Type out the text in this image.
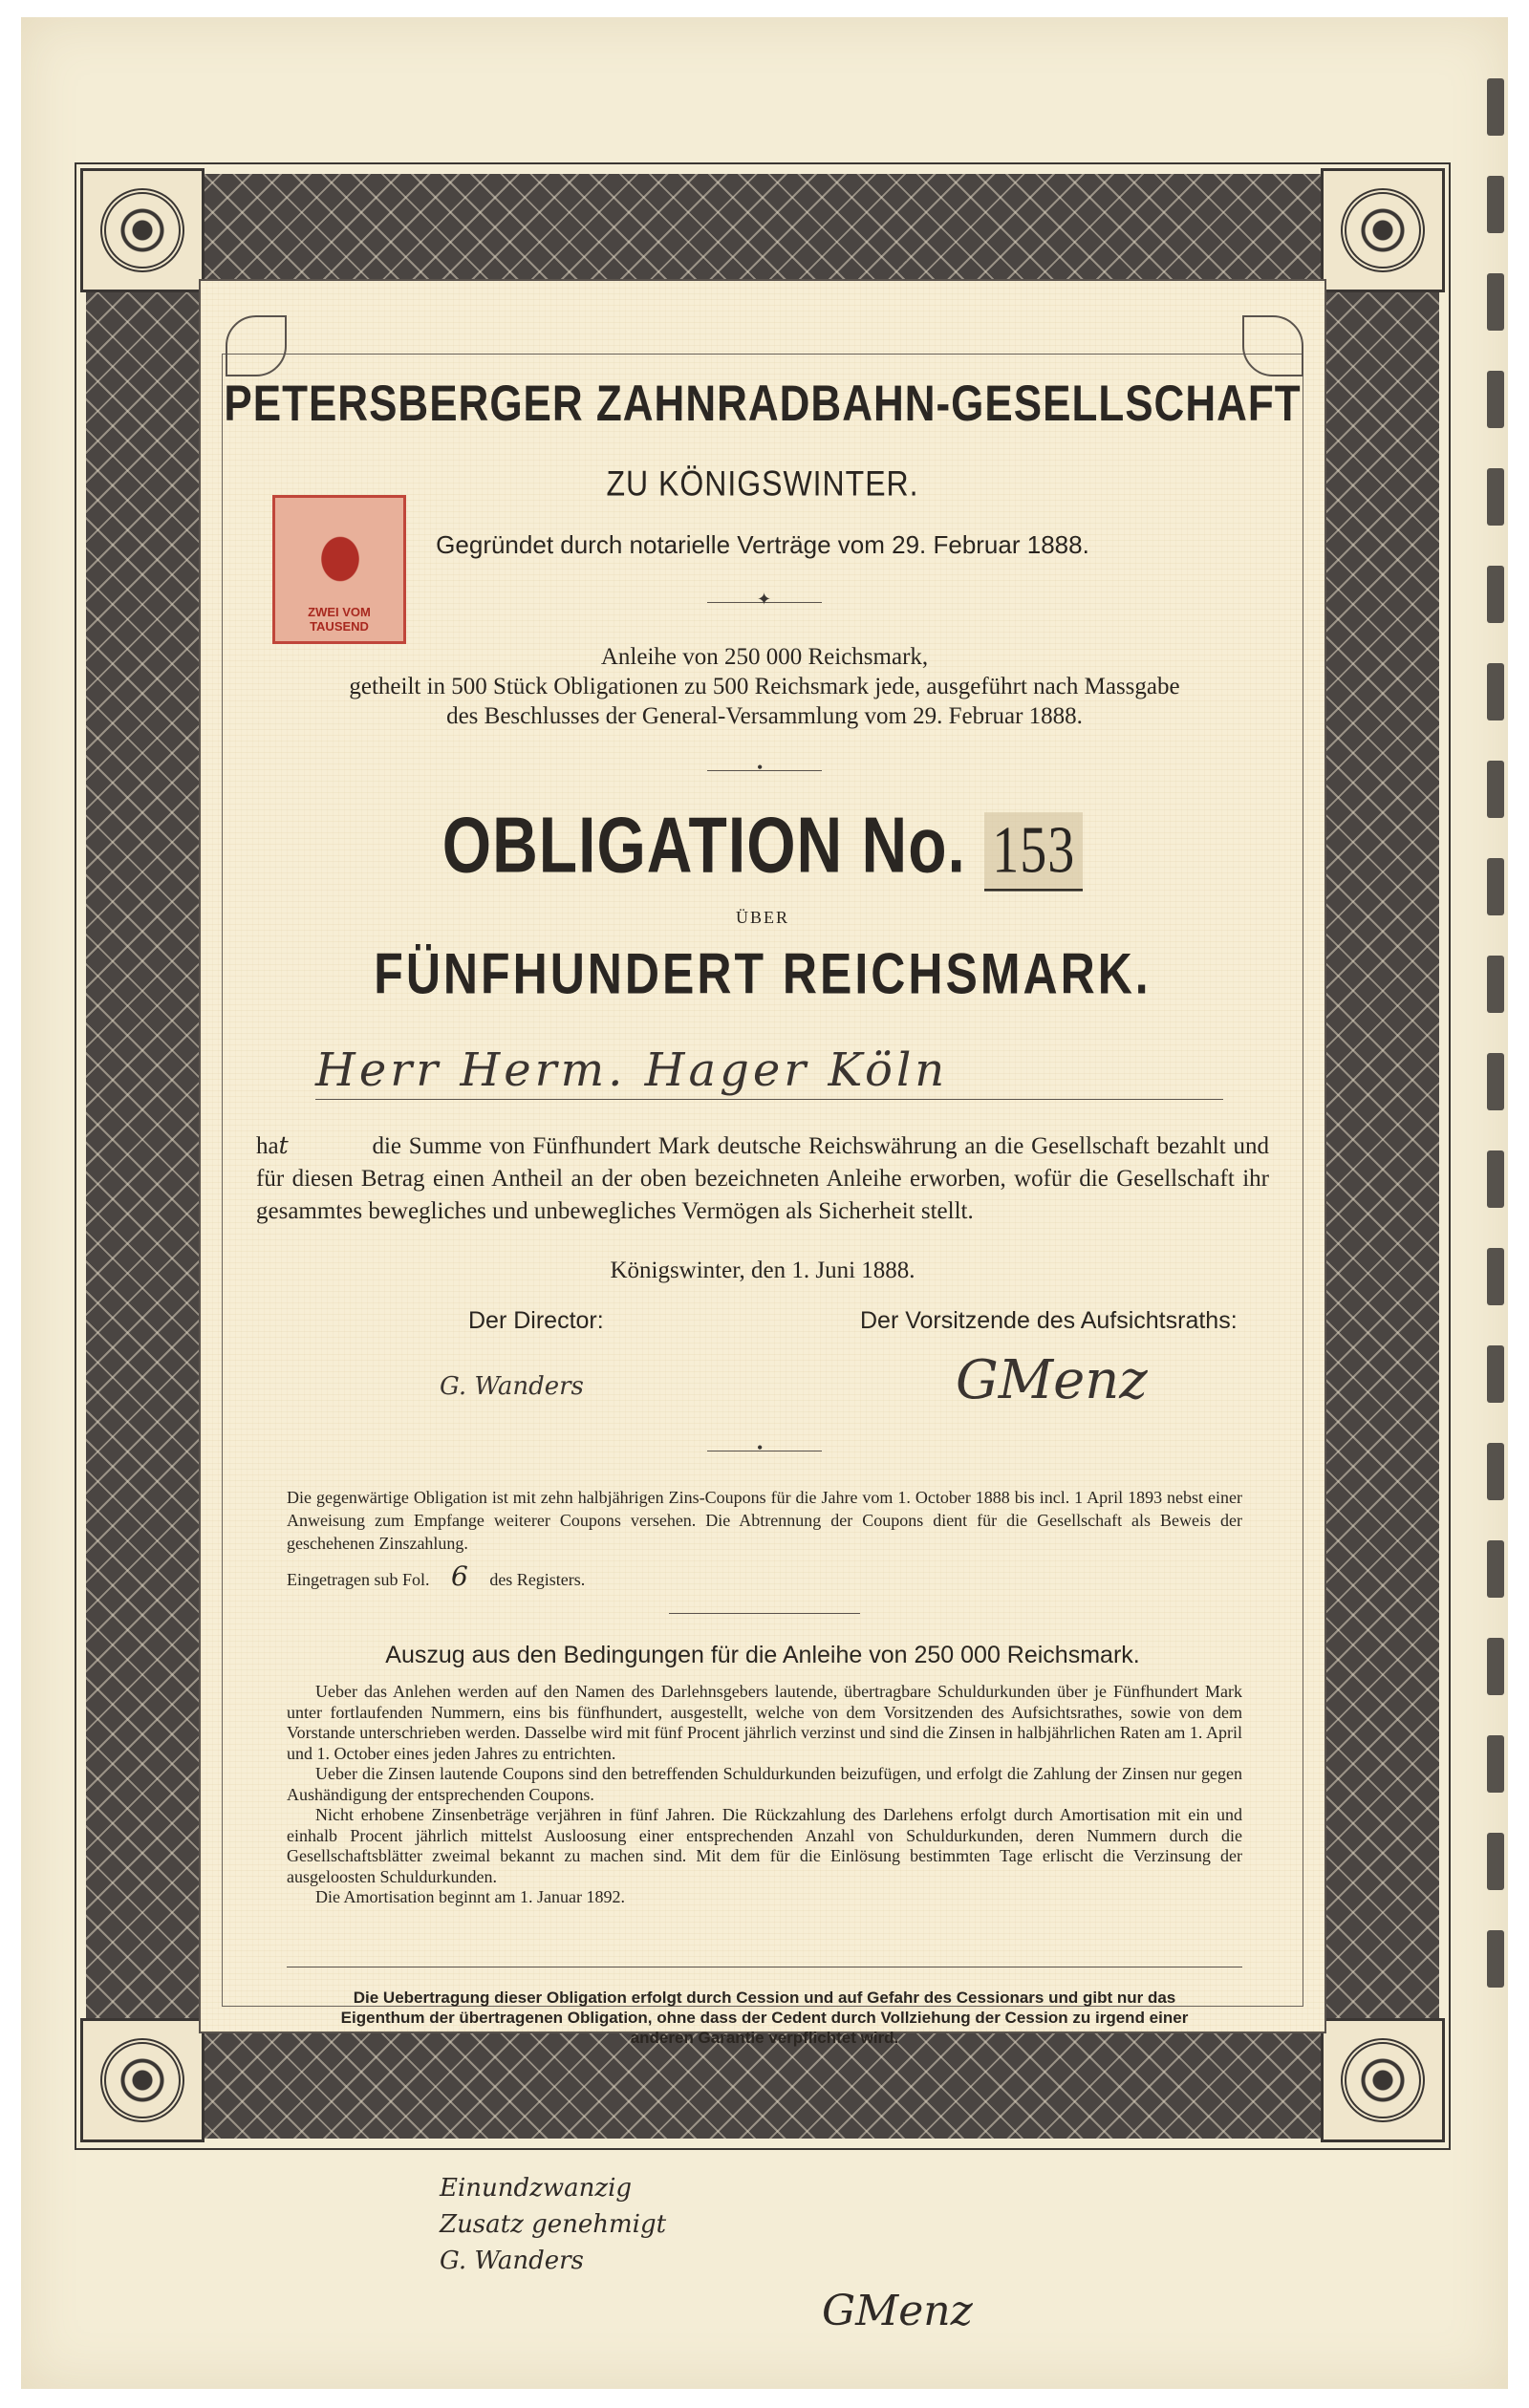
PETERSBERGER ZAHNRADBAHN-GESELLSCHAFT
ZU KÖNIGSWINTER.
Gegründet durch notarielle Verträge vom 29. Februar 1888.
ZWEI VOM TAUSEND
✦
Anleihe von 250 000 Reichsmark,
getheilt in 500 Stück Obligationen zu 500 Reichsmark jede, ausgeführt nach Massgabe
des Beschlusses der General-Versammlung vom 29. Februar 1888.
•
OBLIGATION No. 153
ÜBER
FÜNFHUNDERT REICHSMARK.
Herr Herm. Hager Köln
hat	die Summe von Fünfhundert Mark deutsche Reichswährung an die Gesellschaft bezahlt und für diesen Betrag einen Antheil an der oben bezeichneten Anleihe erworben, wofür die Gesellschaft ihr gesammtes bewegliches und unbewegliches Vermögen als Sicherheit stellt.
Königswinter, den 1. Juni 1888.
Der Director:	Der Vorsitzende des Aufsichtsraths:
G. Wanders	GMenz
•
Die gegenwärtige Obligation ist mit zehn halbjährigen Zins-Coupons für die Jahre vom 1. October 1888 bis incl. 1 April 1893 nebst einer Anweisung zum Empfange weiterer Coupons versehen. Die Abtrennung der Coupons dient für die Gesellschaft als Beweis der geschehenen Zinszahlung.
Eingetragen sub Fol. 6 des Registers.
Auszug aus den Bedingungen für die Anleihe von 250 000 Reichsmark.

Ueber das Anlehen werden auf den Namen des Darlehnsgebers lautende, übertragbare Schuldurkunden über je Fünfhundert Mark unter fortlaufenden Nummern, eins bis fünfhundert, ausgestellt, welche von dem Vorsitzenden des Aufsichtsrathes, sowie von dem Vorstande unterschrieben werden. Dasselbe wird mit fünf Procent jährlich verzinst und sind die Zinsen in halbjährlichen Raten am 1. April und 1. October eines jeden Jahres zu entrichten.

Ueber die Zinsen lautende Coupons sind den betreffenden Schuldurkunden beizufügen, und erfolgt die Zahlung der Zinsen nur gegen Aushändigung der entsprechenden Coupons.

Nicht erhobene Zinsenbeträge verjähren in fünf Jahren. Die Rückzahlung des Darlehens erfolgt durch Amortisation mit ein und einhalb Procent jährlich mittelst Ausloosung einer entsprechenden Anzahl von Schuldurkunden, deren Nummern durch die Gesellschaftsblätter zweimal bekannt zu machen sind. Mit dem für die Einlösung bestimmten Tage erlischt die Verzinsung der ausgeloosten Schuldurkunden.

Die Amortisation beginnt am 1. Januar 1892.

Die Uebertragung dieser Obligation erfolgt durch Cession und auf Gefahr des Cessionars und gibt nur das Eigenthum der übertragenen Obligation, ohne dass der Cedent durch Vollziehung der Cession zu irgend einer anderen Garantie verpflichtet wird.
Einundzwanzig
Zusatz genehmigt
G. Wanders
GMenz
